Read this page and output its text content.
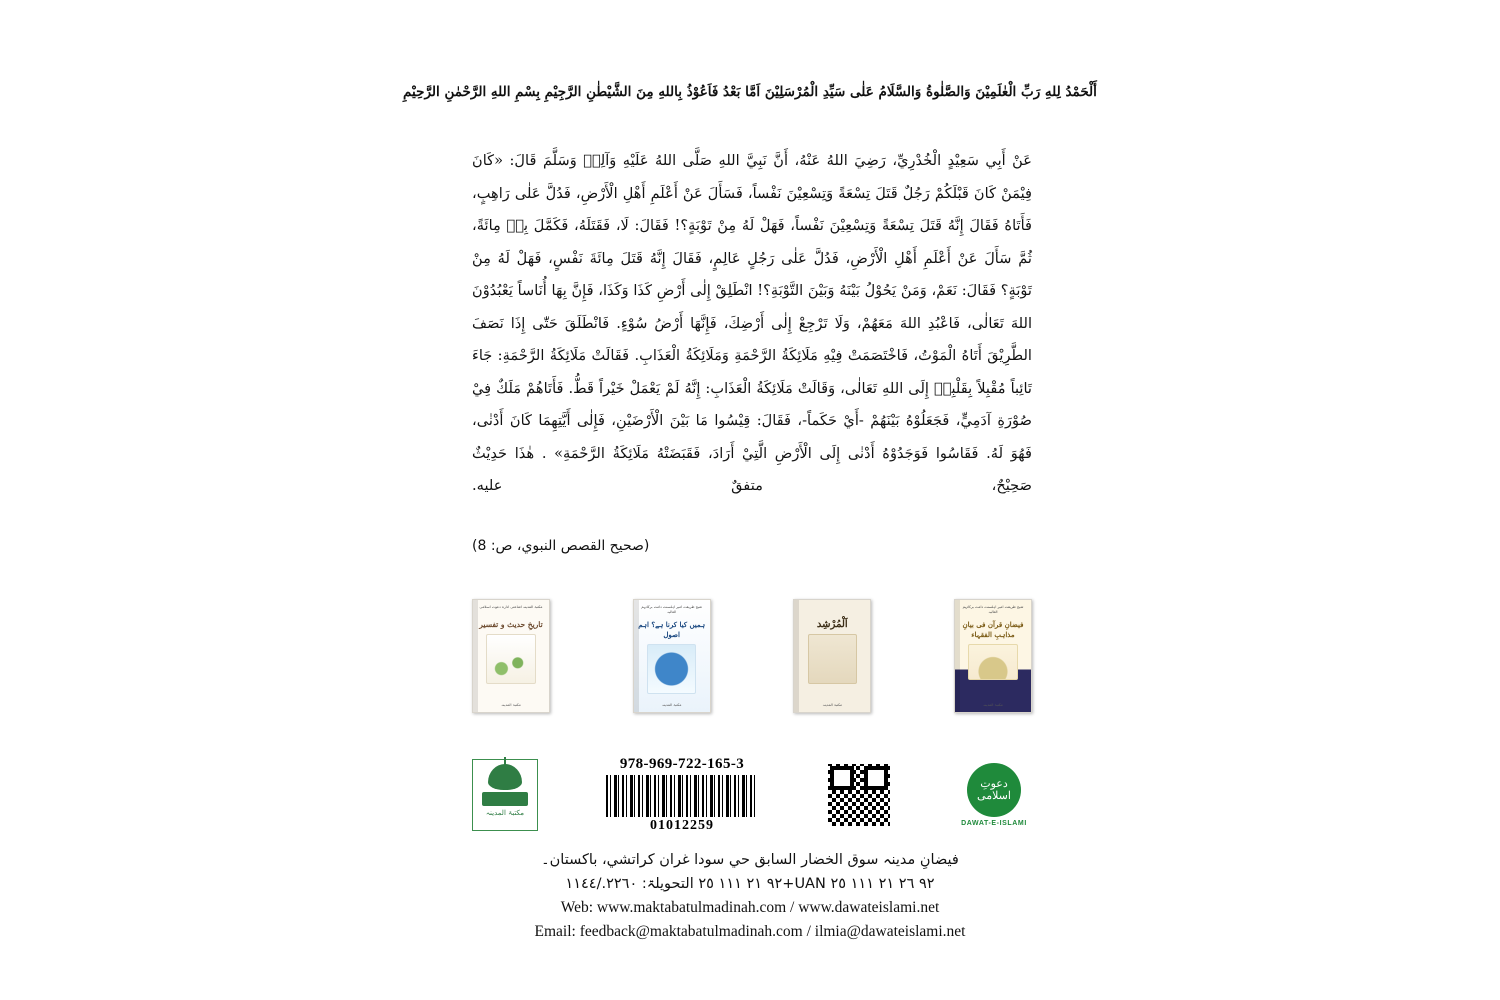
أَلْحَمْدُ لِلهِ رَبِّ الْعٰلَمِيْنَ وَالصَّلٰوةُ وَالسَّلَامُ عَلٰى سَيِّدِ الْمُرْسَلِيْنَ اَمَّا بَعْدُ فَاَعُوْذُ بِاللهِ مِنَ الشَّيْطٰنِ الرَّجِيْمِ بِسْمِ اللهِ الرَّحْمٰنِ الرَّحِيْمِ

عَنْ أَبِي سَعِيْدٍ الْخُدْرِيِّ، رَضِيَ اللهُ عَنْهُ، أَنَّ نَبِيَّ اللهِ صَلَّى اللهُ عَلَيْهِ وَآلِهٖ وَسَلَّمَ قَالَ: «كَانَ فِيْمَنْ كَانَ قَبْلَكُمْ رَجُلٌ قَتَلَ تِسْعَةً وَتِسْعِيْنَ نَفْساً، فَسَأَلَ عَنْ أَعْلَمِ أَهْلِ الْأَرْضِ، فَدُلَّ عَلٰى رَاهِبٍ، فَأَتَاهُ فَقَالَ إِنَّهُ قَتَلَ تِسْعَةً وَتِسْعِيْنَ نَفْساً، فَهَلْ لَهُ مِنْ تَوْبَةٍ؟! فَقَالَ: لَا، فَقَتَلَهُ، فَكَمَّلَ بِهٖ مِائَةً، ثُمَّ سَأَلَ عَنْ أَعْلَمِ أَهْلِ الْأَرْضِ، فَدُلَّ عَلٰى رَجُلٍ عَالِمٍ، فَقَالَ إِنَّهُ قَتَلَ مِائَةَ نَفْسٍ، فَهَلْ لَهُ مِنْ تَوْبَةٍ؟ فَقَالَ: نَعَمْ، وَمَنْ يَحُوْلُ بَيْنَهُ وَبَيْنَ التَّوْبَةِ؟! انْطَلِقْ إِلٰى أَرْضِ كَذَا وَكَذَا، فَإِنَّ بِهَا أُنَاساً يَعْبُدُوْنَ اللهَ تَعَالٰى، فَاعْبُدِ اللهَ مَعَهُمْ، وَلَا تَرْجِعْ إِلٰى أَرْضِكَ، فَإِنَّهَا أَرْضُ سُوْءٍ. فَانْطَلَقَ حَتّٰى إِذَا نَصَفَ الطَّرِيْقَ أَتَاهُ الْمَوْتُ، فَاخْتَصَمَتْ فِيْهِ مَلَائِكَةُ الرَّحْمَةِ وَمَلَائِكَةُ الْعَذَابِ. فَقَالَتْ مَلَائِكَةُ الرَّحْمَةِ: جَاءَ تَائِباً مُقْبِلاً بِقَلْبِهٖ إِلَى اللهِ تَعَالٰى، وَقَالَتْ مَلَائِكَةُ الْعَذَابِ: إِنَّهُ لَمْ يَعْمَلْ خَيْراً قَطُّ. فَأَتَاهُمْ مَلَكٌ فِيْ صُوْرَةِ آدَمِيٍّ، فَجَعَلُوْهُ بَيْنَهُمْ -أَيْ حَكَماً-، فَقَالَ: قِيْسُوا مَا بَيْنَ الْأَرْضَيْنِ، فَإِلٰى أَيَّتِهِمَا كَانَ أَدْنٰى، فَهُوَ لَهُ. فَقَاسُوا فَوَجَدُوْهُ أَدْنٰى إِلَى الْأَرْضِ الَّتِيْ أَرَادَ، فَقَبَضَتْهُ مَلَائِكَةُ الرَّحْمَةِ» . هٰذَا حَدِيْثٌ صَحِيْحٌ، متفقٌ عليه.

(صحيح القصص النبوي، ص: 8)
مکتبۃ المدینہ اشاعتی ادارہ دعوت اسلامی
تاریخِ حدیث و تفسیر
مکتبۃ المدینہ
شیخ طریقت امیر اہلسنت دامت برکاتہم العالیہ
ہمیں کیا کرنا ہے؟ اہم اصول
مکتبۃ المدینہ
اَلْمُرْشِد
مکتبۃ المدینہ
شیخ طریقت امیر اہلسنت دامت برکاتہم العالیہ
فیضانِ قرآن فی بیانِ مذاہبِ الفقہاء
مکتبۃ المدینہ
مکتبۃ المدینہ
978-969-722-165-3
01012259
دعوتِ اسلامی
DAWAT-E-ISLAMI
فیضانِ مدینہ سوق الخضار السابق حي سودا غران کراتشي، باکستان۔
٩٢ ٢٦ ٢١ ١١١ ٢٥ UAN+٩٢ ٢١ ١١١ ٢٥ التحویلۃ: ٢٢٦٠./١١٤٤
Web: www.maktabatulmadinah.com / www.dawateislami.net
Email: feedback@maktabatulmadinah.com / ilmia@dawateislami.net
